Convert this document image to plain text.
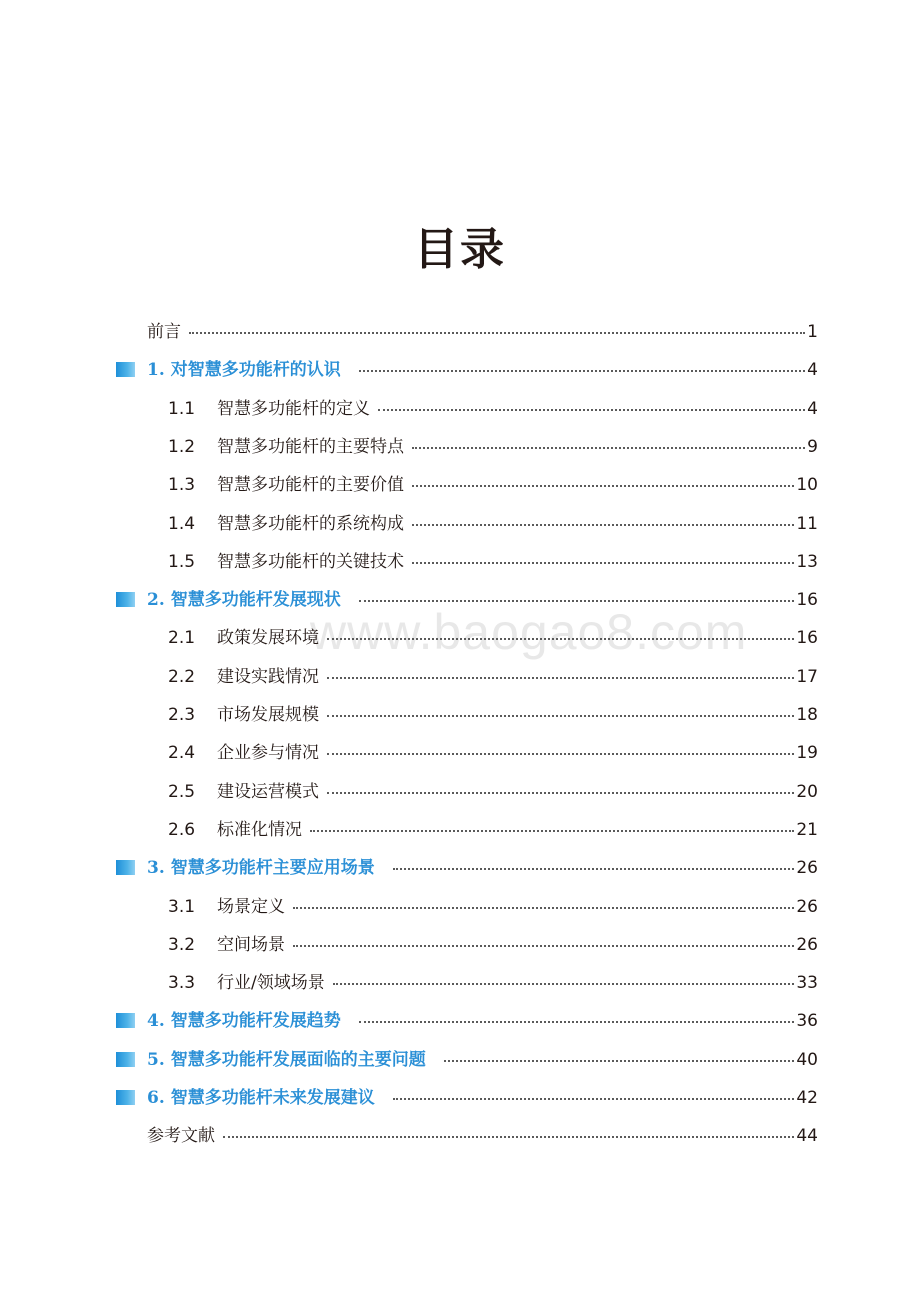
目录
www.baogao8.com
前言	1
1. 对智慧多功能杆的认识	4
1.1 智慧多功能杆的定义	4
1.2 智慧多功能杆的主要特点	9
1.3 智慧多功能杆的主要价值	10
1.4 智慧多功能杆的系统构成	11
1.5 智慧多功能杆的关键技术	13
2. 智慧多功能杆发展现状	16
2.1 政策发展环境	16
2.2 建设实践情况	17
2.3 市场发展规模	18
2.4 企业参与情况	19
2.5 建设运营模式	20
2.6 标准化情况	21
3. 智慧多功能杆主要应用场景	26
3.1 场景定义	26
3.2 空间场景	26
3.3 行业/领域场景	33
4. 智慧多功能杆发展趋势	36
5. 智慧多功能杆发展面临的主要问题	40
6. 智慧多功能杆未来发展建议	42
参考文献	44
